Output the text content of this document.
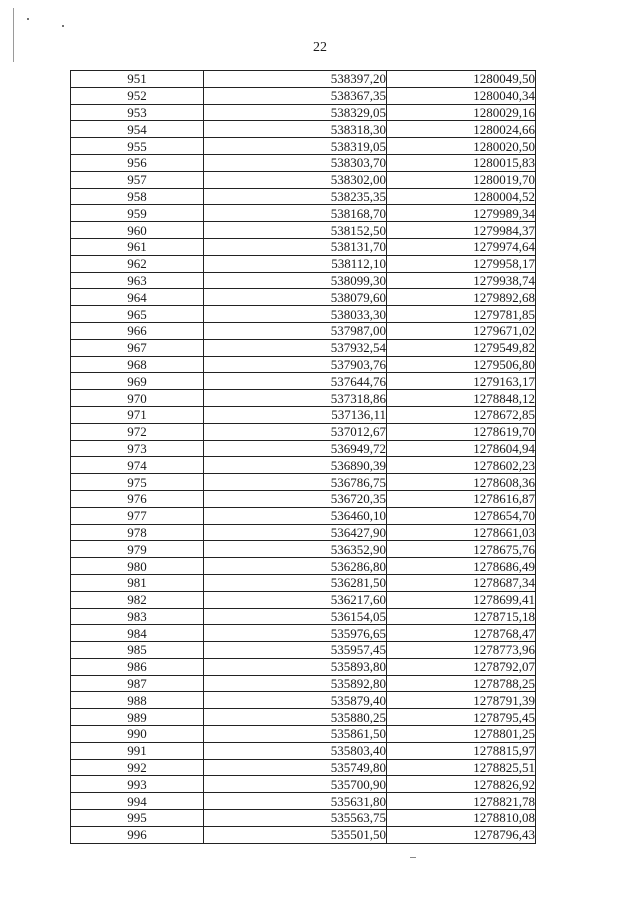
22
951	538397,20	1280049,50
952	538367,35	1280040,34
953	538329,05	1280029,16
954	538318,30	1280024,66
955	538319,05	1280020,50
956	538303,70	1280015,83
957	538302,00	1280019,70
958	538235,35	1280004,52
959	538168,70	1279989,34
960	538152,50	1279984,37
961	538131,70	1279974,64
962	538112,10	1279958,17
963	538099,30	1279938,74
964	538079,60	1279892,68
965	538033,30	1279781,85
966	537987,00	1279671,02
967	537932,54	1279549,82
968	537903,76	1279506,80
969	537644,76	1279163,17
970	537318,86	1278848,12
971	537136,11	1278672,85
972	537012,67	1278619,70
973	536949,72	1278604,94
974	536890,39	1278602,23
975	536786,75	1278608,36
976	536720,35	1278616,87
977	536460,10	1278654,70
978	536427,90	1278661,03
979	536352,90	1278675,76
980	536286,80	1278686,49
981	536281,50	1278687,34
982	536217,60	1278699,41
983	536154,05	1278715,18
984	535976,65	1278768,47
985	535957,45	1278773,96
986	535893,80	1278792,07
987	535892,80	1278788,25
988	535879,40	1278791,39
989	535880,25	1278795,45
990	535861,50	1278801,25
991	535803,40	1278815,97
992	535749,80	1278825,51
993	535700,90	1278826,92
994	535631,80	1278821,78
995	535563,75	1278810,08
996	535501,50	1278796,43
